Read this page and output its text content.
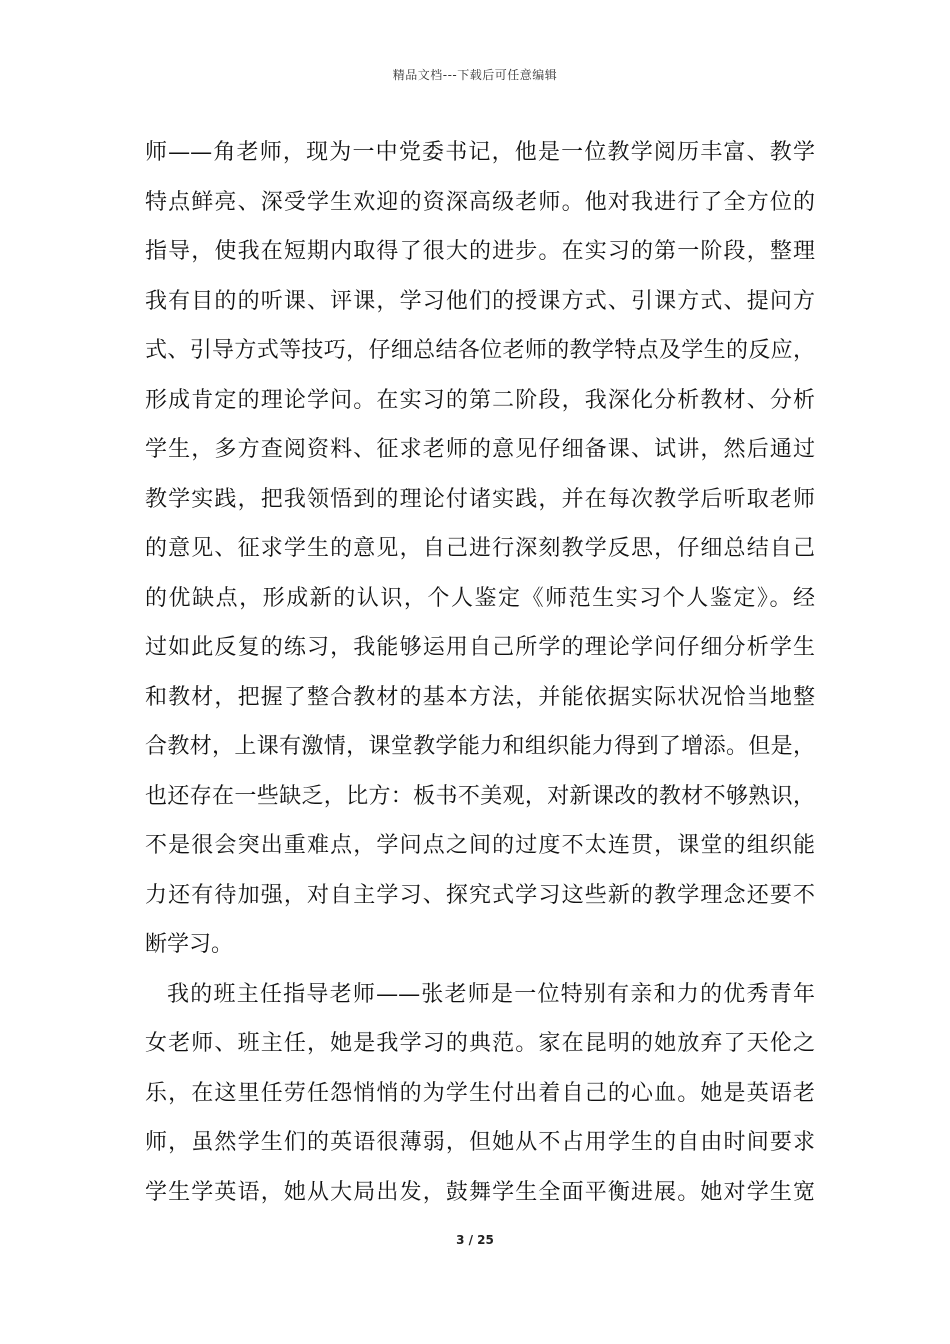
精品文档---下载后可任意编辑
师——角老师，现为一中党委书记，他是一位教学阅历丰富、教学
特点鲜亮、深受学生欢迎的资深高级老师。他对我进行了全方位的
指导，使我在短期内取得了很大的进步。在实习的第一阶段，整理
我有目的的听课、评课，学习他们的授课方式、引课方式、提问方
式、引导方式等技巧，仔细总结各位老师的教学特点及学生的反应，
形成肯定的理论学问。在实习的第二阶段，我深化分析教材、分析
学生，多方查阅资料、征求老师的意见仔细备课、试讲，然后通过
教学实践，把我领悟到的理论付诸实践，并在每次教学后听取老师
的意见、征求学生的意见，自己进行深刻教学反思，仔细总结自己
的优缺点，形成新的认识，个人鉴定《师范生实习个人鉴定》。经
过如此反复的练习，我能够运用自己所学的理论学问仔细分析学生
和教材，把握了整合教材的基本方法，并能依据实际状况恰当地整
合教材，上课有激情，课堂教学能力和组织能力得到了增添。但是，
也还存在一些缺乏，比方：板书不美观，对新课改的教材不够熟识，
不是很会突出重难点，学问点之间的过度不太连贯，课堂的组织能
力还有待加强，对自主学习、探究式学习这些新的教学理念还要不
断学习。
我的班主任指导老师——张老师是一位特别有亲和力的优秀青年
女老师、班主任，她是我学习的典范。家在昆明的她放弃了天伦之
乐，在这里任劳任怨悄悄的为学生付出着自己的心血。她是英语老
师，虽然学生们的英语很薄弱，但她从不占用学生的自由时间要求
学生学英语，她从大局出发，鼓舞学生全面平衡进展。她对学生宽
3 / 25
